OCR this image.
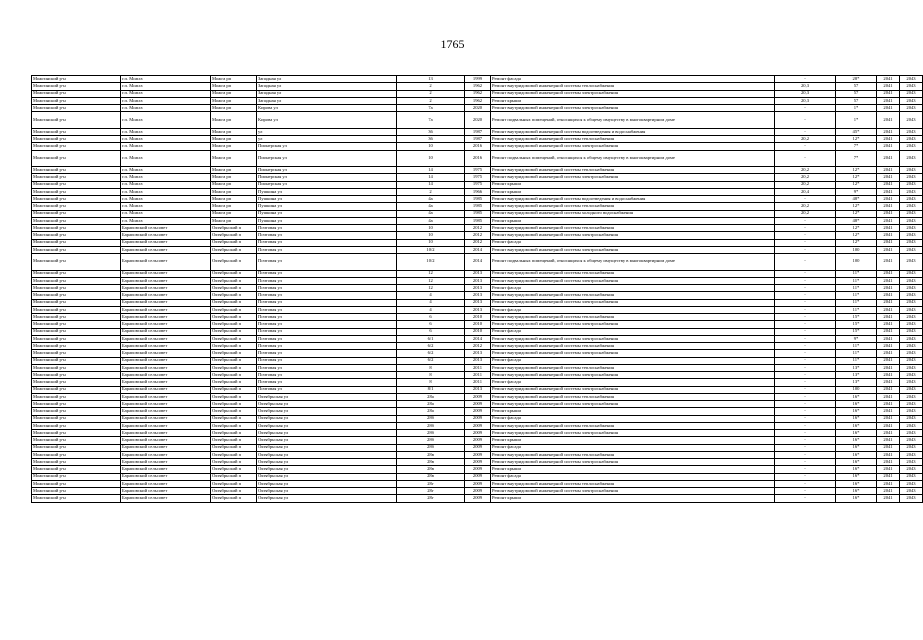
1765
Можгинский р-н	г.п. Можга	Можга рп	Западная ул	13	1999	Ремонт фасада	-	28*	2041	2043
Можгинский р-н	г.п. Можга	Можга рп	Западная ул	2	1962	Ремонт внутридомовой инженерной системы теплоснабжения	20,3	57	2041	2043
Можгинский р-н	г.п. Можга	Можга рп	Западная ул	2	1962	Ремонт внутридомовой инженерной системы электроснабжения	20,3	57	2041	2043
Можгинский р-н	г.п. Можга	Можга рп	Западная ул	2	1962	Ремонт крыши	20,3	57	2041	2043
Можгинский р-н	г.п. Можга	Можга рп	Кирова ул	7а	2020	Ремонт внутридомовой инженерной системы электроснабжения	-	1*	2041	2043
Можгинский р-н	г.п. Можга	Можга рп	Кирова ул	7а	2020	Ремонт подвальных помещений, относящихся к общему имуществу в многоквартирном доме	-	1*	2041	2043
Можгинский р-н	г.п. Можга	Можга рп	ул	36	1987	Ремонт внутридомовой инженерной системы водоотведения и водоснабжения	-	45*	2041	2043
Можгинский р-н	г.п. Можга	Можга рп	ул	36	1987	Ремонт внутридомовой инженерной системы теплоснабжения	20,2	12*	2041	2043
Можгинский р-н	г.п. Можга	Можга рп	Пионерская ул	10	2016	Ремонт внутридомовой инженерной системы электроснабжения	-	7*	2041	2043
Можгинский р-н	г.п. Можга	Можга рп	Пионерская ул	10	2016	Ремонт подвальных помещений, относящихся к общему имуществу в многоквартирном доме	-	7*	2041	2043
Можгинский р-н	г.п. Можга	Можга рп	Пионерская ул	14	1975	Ремонт внутридомовой инженерной системы теплоснабжения	20,2	12*	2041	2043
Можгинский р-н	г.п. Можга	Можга рп	Пионерская ул	14	1975	Ремонт внутридомовой инженерной системы электроснабжения	20,2	12*	2041	2043
Можгинский р-н	г.п. Можга	Можга рп	Пионерская ул	14	1975	Ремонт крыши	20,2	12*	2041	2043
Можгинский р-н	г.п. Можга	Можга рп	Пушкина ул	2	1966	Ремонт крыши	20,4	9*	2041	2043
Можгинский р-н	г.п. Можга	Можга рп	Пушкина ул	4а	1985	Ремонт внутридомовой инженерной системы водоотведения и водоснабжения	-	48*	2041	2043
Можгинский р-н	г.п. Можга	Можга рп	Пушкина ул	4а	1985	Ремонт внутридомовой инженерной системы теплоснабжения	20,2	12*	2041	2043
Можгинский р-н	г.п. Можга	Можга рп	Пушкина ул	4а	1985	Ремонт внутридомовой инженерной системы холодного водоснабжения	20,2	12*	2041	2043
Можгинский р-н	г.п. Можга	Можга рп	Пушкина ул	4а	1985	Ремонт крыши	-	48*	2041	2043
Можгинский р-н	Бараповский сельсовет	Октябрьский п	Почтовая ул	10	2012	Ремонт внутридомовой инженерной системы теплоснабжения	-	12*	2041	2043
Можгинский р-н	Бараповский сельсовет	Октябрьский п	Почтовая ул	10	2012	Ремонт внутридомовой инженерной системы электроснабжения	-	12*	2041	2043
Можгинский р-н	Бараповский сельсовет	Октябрьский п	Почтовая ул	10	2012	Ремонт фасада	-	12*	2041	2043
Можгинский р-н	Бараповский сельсовет	Октябрьский п	Почтовая ул	10/2	2014	Ремонт внутридомовой инженерной системы электроснабжения	-	100	2041	2043
Можгинский р-н	Бараповский сельсовет	Октябрьский п	Почтовая ул	10/2	2014	Ремонт подвальных помещений, относящихся к общему имуществу в многоквартирном доме	-	100	2041	2043
Можгинский р-н	Бараповский сельсовет	Октябрьский п	Почтовая ул	12	2013	Ремонт внутридомовой инженерной системы теплоснабжения	-	11*	2041	2043
Можгинский р-н	Бараповский сельсовет	Октябрьский п	Почтовая ул	12	2013	Ремонт внутридомовой инженерной системы электроснабжения	-	11*	2041	2043
Можгинский р-н	Бараповский сельсовет	Октябрьский п	Почтовая ул	12	2013	Ремонт фасада	-	11*	2041	2043
Можгинский р-н	Бараповский сельсовет	Октябрьский п	Почтовая ул	4	2013	Ремонт внутридомовой инженерной системы теплоснабжения	-	11*	2041	2043
Можгинский р-н	Бараповский сельсовет	Октябрьский п	Почтовая ул	4	2013	Ремонт внутридомовой инженерной системы электроснабжения	-	11*	2041	2043
Можгинский р-н	Бараповский сельсовет	Октябрьский п	Почтовая ул	4	2013	Ремонт фасада	-	11*	2041	2043
Можгинский р-н	Бараповский сельсовет	Октябрьский п	Почтовая ул	6	2010	Ремонт внутридомовой инженерной системы теплоснабжения	-	15*	2041	2043
Можгинский р-н	Бараповский сельсовет	Октябрьский п	Почтовая ул	6	2010	Ремонт внутридомовой инженерной системы электроснабжения	-	15*	2041	2043
Можгинский р-н	Бараповский сельсовет	Октябрьский п	Почтовая ул	6	2010	Ремонт фасада	-	15*	2041	2043
Можгинский р-н	Бараповский сельсовет	Октябрьский п	Почтовая ул	6/1	2014	Ремонт внутридомовой инженерной системы электроснабжения	-	9*	2041	2043
Можгинский р-н	Бараповский сельсовет	Октябрьский п	Почтовая ул	6/2	2012	Ремонт внутридомовой инженерной системы теплоснабжения	-	11*	2041	2043
Можгинский р-н	Бараповский сельсовет	Октябрьский п	Почтовая ул	6/2	2013	Ремонт внутридомовой инженерной системы электроснабжения	-	11*	2041	2043
Можгинский р-н	Бараповский сельсовет	Октябрьский п	Почтовая ул	6/2	2013	Ремонт фасада	-	11*	2041	2043
Можгинский р-н	Бараповский сельсовет	Октябрьский п	Почтовая ул	8	2011	Ремонт внутридомовой инженерной системы теплоснабжения	-	13*	2041	2043
Можгинский р-н	Бараповский сельсовет	Октябрьский п	Почтовая ул	8	2011	Ремонт внутридомовой инженерной системы электроснабжения	-	13*	2041	2043
Можгинский р-н	Бараповский сельсовет	Октябрьский п	Почтовая ул	8	2011	Ремонт фасада	-	13*	2041	2043
Можгинский р-н	Бараповский сельсовет	Октябрьский п	Почтовая ул	8/1	2013	Ремонт внутридомовой инженерной системы электроснабжения	-	100	2041	2043
Можгинский р-н	Бараповский сельсовет	Октябрьский п	Октябрьская ул	28а	2009	Ремонт внутридомовой инженерной системы теплоснабжения	-	16*	2041	2043
Можгинский р-н	Бараповский сельсовет	Октябрьский п	Октябрьская ул	28а	2009	Ремонт внутридомовой инженерной системы электроснабжения	-	16*	2041	2043
Можгинский р-н	Бараповский сельсовет	Октябрьский п	Октябрьская ул	28а	2009	Ремонт крыши	-	16*	2041	2043
Можгинский р-н	Бараповский сельсовет	Октябрьский п	Октябрьская ул	28б	2009	Ремонт фасада	-	16*	2041	2043
Можгинский р-н	Бараповский сельсовет	Октябрьский п	Октябрьская ул	28б	2009	Ремонт внутридомовой инженерной системы теплоснабжения	-	16*	2041	2043
Можгинский р-н	Бараповский сельсовет	Октябрьский п	Октябрьская ул	28б	2009	Ремонт внутридомовой инженерной системы электроснабжения	-	16*	2041	2043
Можгинский р-н	Бараповский сельсовет	Октябрьский п	Октябрьская ул	28б	2009	Ремонт крыши	-	16*	2041	2043
Можгинский р-н	Бараповский сельсовет	Октябрьский п	Октябрьская ул	28б	2009	Ремонт фасада	-	16*	2041	2043
Можгинский р-н	Бараповский сельсовет	Октябрьский п	Октябрьская ул	28в	2009	Ремонт внутридомовой инженерной системы теплоснабжения	-	16*	2041	2043
Можгинский р-н	Бараповский сельсовет	Октябрьский п	Октябрьская ул	28в	2009	Ремонт внутридомовой инженерной системы электроснабжения	-	16*	2041	2043
Можгинский р-н	Бараповский сельсовет	Октябрьский п	Октябрьская ул	28в	2009	Ремонт крыши	-	16*	2041	2043
Можгинский р-н	Бараповский сельсовет	Октябрьский п	Октябрьская ул	28в	2009	Ремонт фасада	-	16*	2041	2043
Можгинский р-н	Бараповский сельсовет	Октябрьский п	Октябрьская ул	28г	2009	Ремонт внутридомовой инженерной системы теплоснабжения	-	16*	2041	2043
Можгинский р-н	Бараповский сельсовет	Октябрьский п	Октябрьская ул	28г	2009	Ремонт внутридомовой инженерной системы электроснабжения	-	16*	2041	2043
Можгинский р-н	Бараповский сельсовет	Октябрьский п	Октябрьская ул	28г	2009	Ремонт крыши	-	16*	2041	2043
